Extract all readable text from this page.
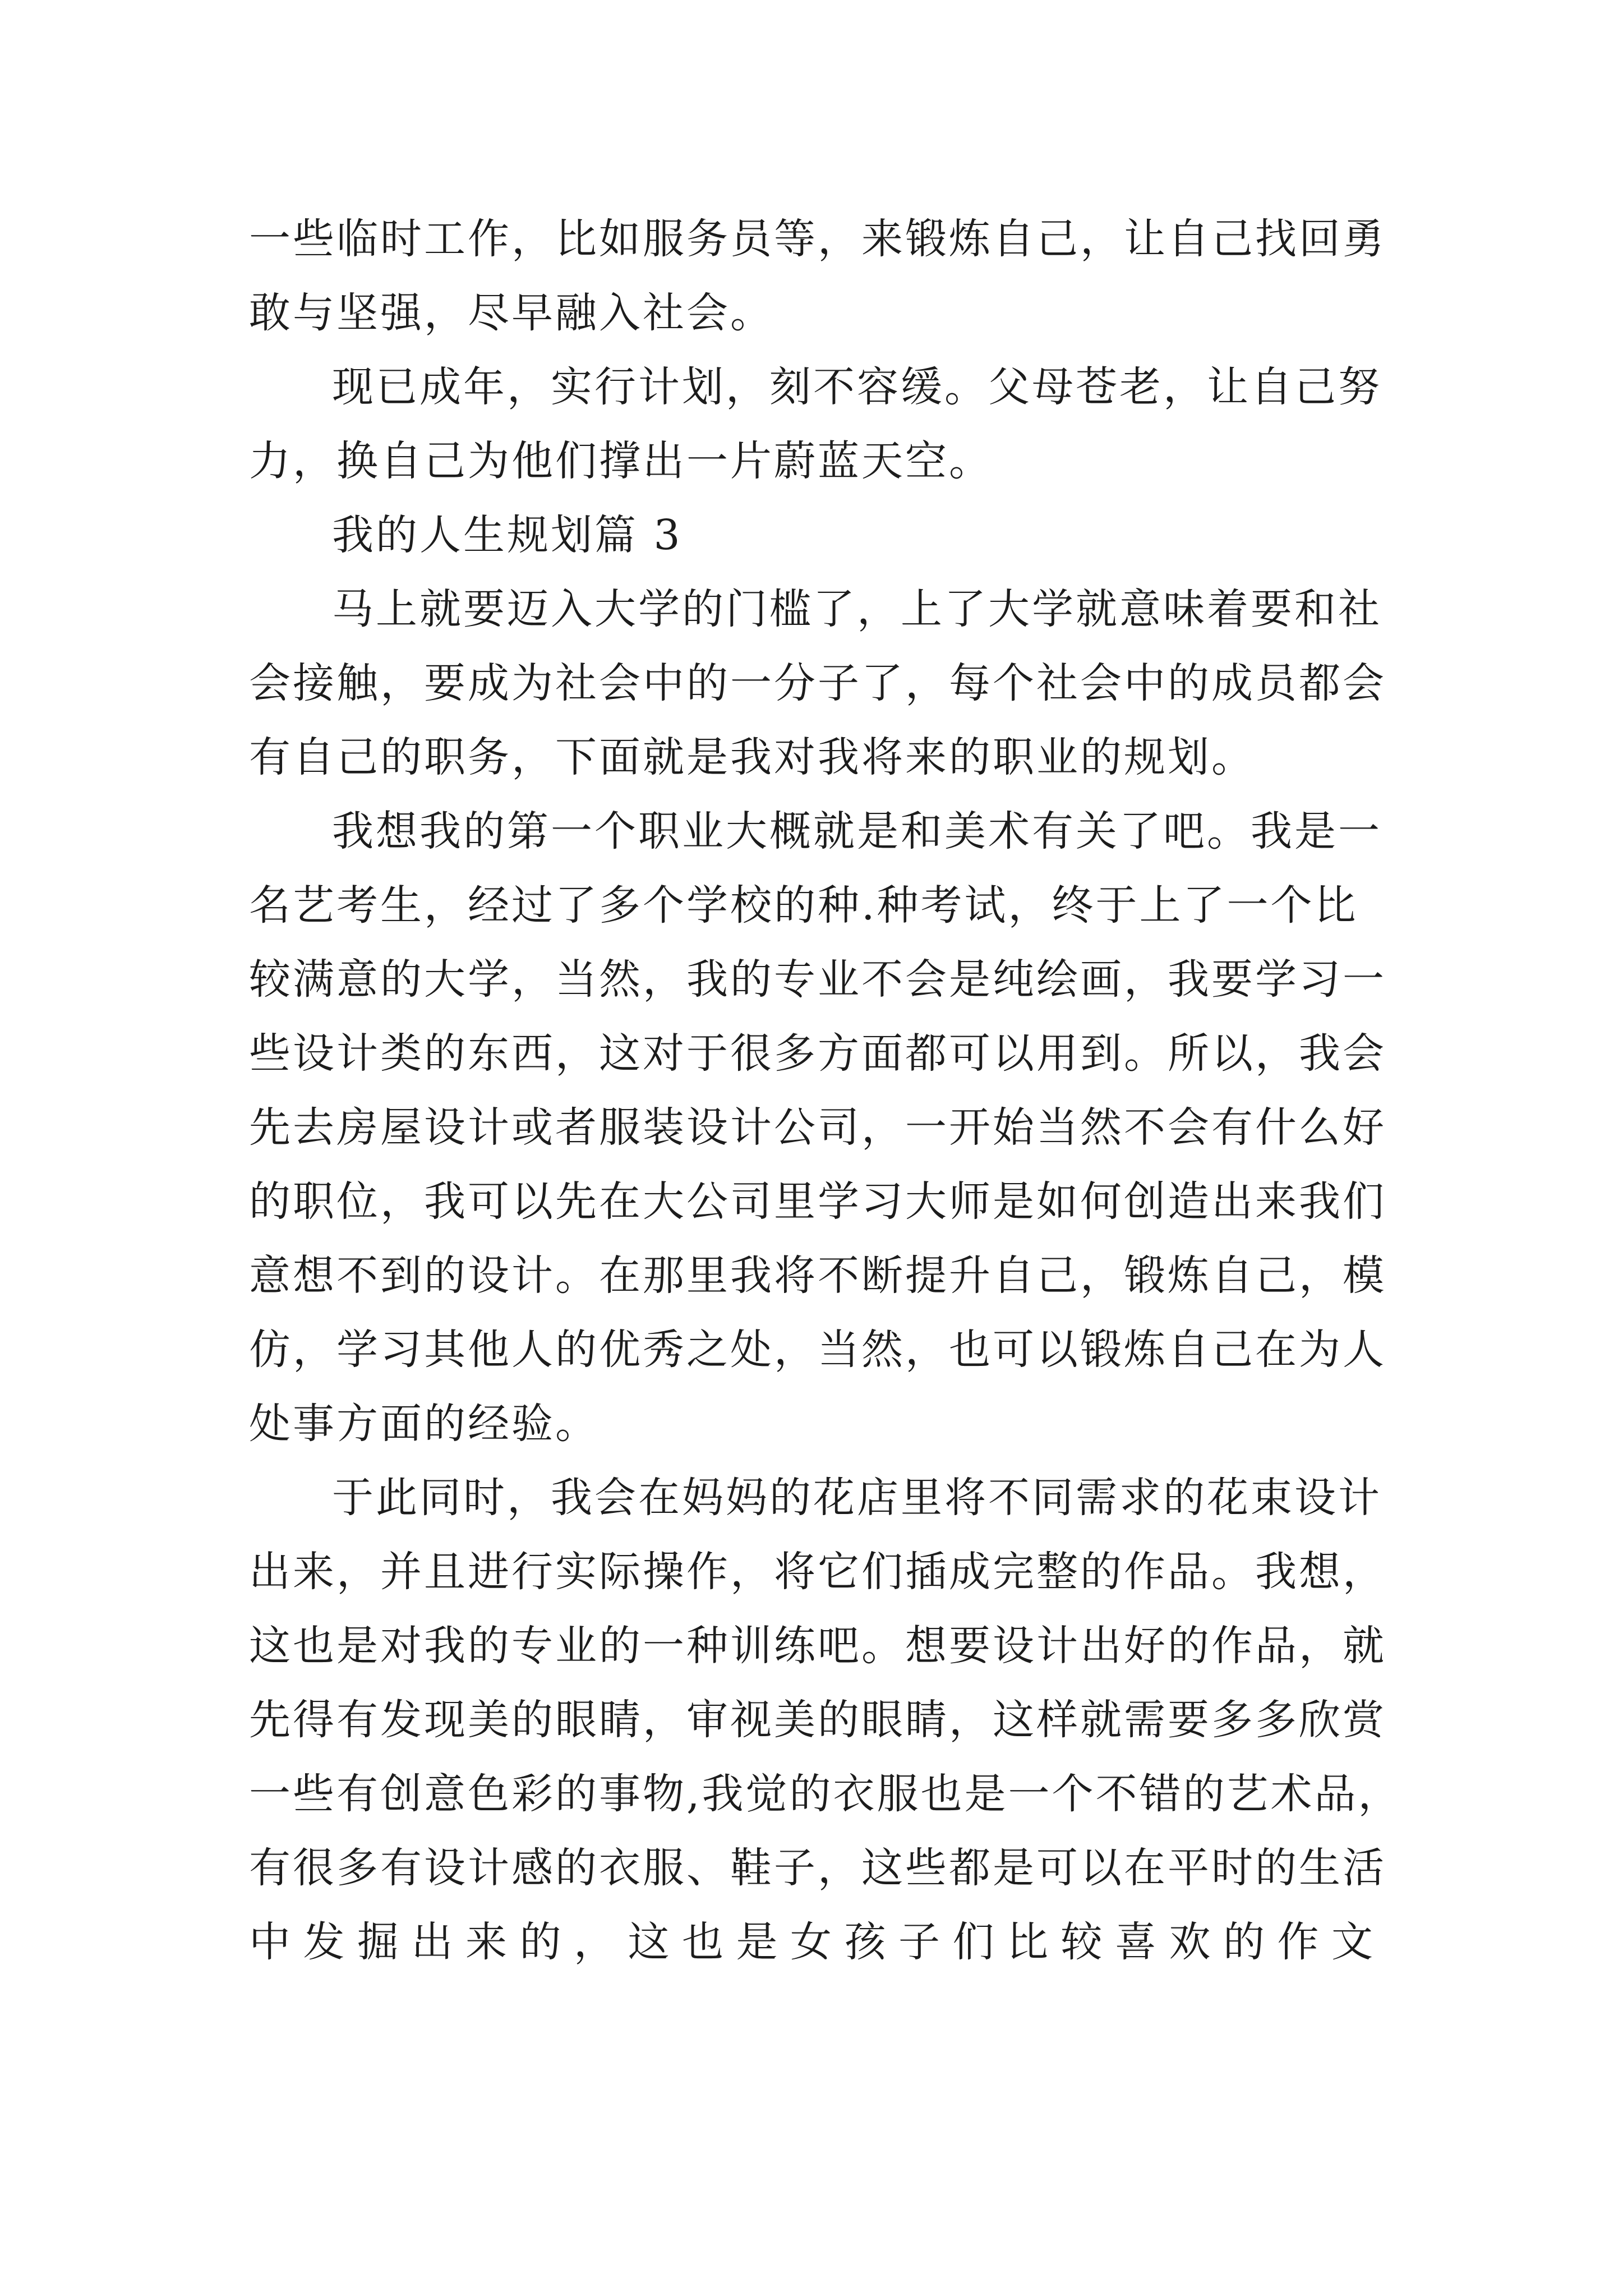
一些临时工作，比如服务员等，来锻炼自己，让自己找回勇
敢与坚强，尽早融入社会。
现已成年，实行计划，刻不容缓。父母苍老，让自己努
力，换自己为他们撑出一片蔚蓝天空。
我的人生规划篇 3
马上就要迈入大学的门槛了，上了大学就意味着要和社
会接触，要成为社会中的一分子了，每个社会中的成员都会
有自己的职务，下面就是我对我将来的职业的规划。
我想我的第一个职业大概就是和美术有关了吧。我是一
名艺考生，经过了多个学校的种.种考试，终于上了一个比
较满意的大学，当然，我的专业不会是纯绘画，我要学习一
些设计类的东西，这对于很多方面都可以用到。所以，我会
先去房屋设计或者服装设计公司，一开始当然不会有什么好
的职位，我可以先在大公司里学习大师是如何创造出来我们
意想不到的设计。在那里我将不断提升自己，锻炼自己，模
仿，学习其他人的优秀之处，当然，也可以锻炼自己在为人
处事方面的经验。
于此同时，我会在妈妈的花店里将不同需求的花束设计
出来，并且进行实际操作，将它们插成完整的作品。我想，
这也是对我的专业的一种训练吧。想要设计出好的作品，就
先得有发现美的眼睛，审视美的眼睛，这样就需要多多欣赏
一些有创意色彩的事物,我觉的衣服也是一个不错的艺术品，
有很多有设计感的衣服、鞋子，这些都是可以在平时的生活
中 发 掘 出 来 的 ， 这 也 是 女 孩 子 们 比 较 喜 欢 的 作 文
